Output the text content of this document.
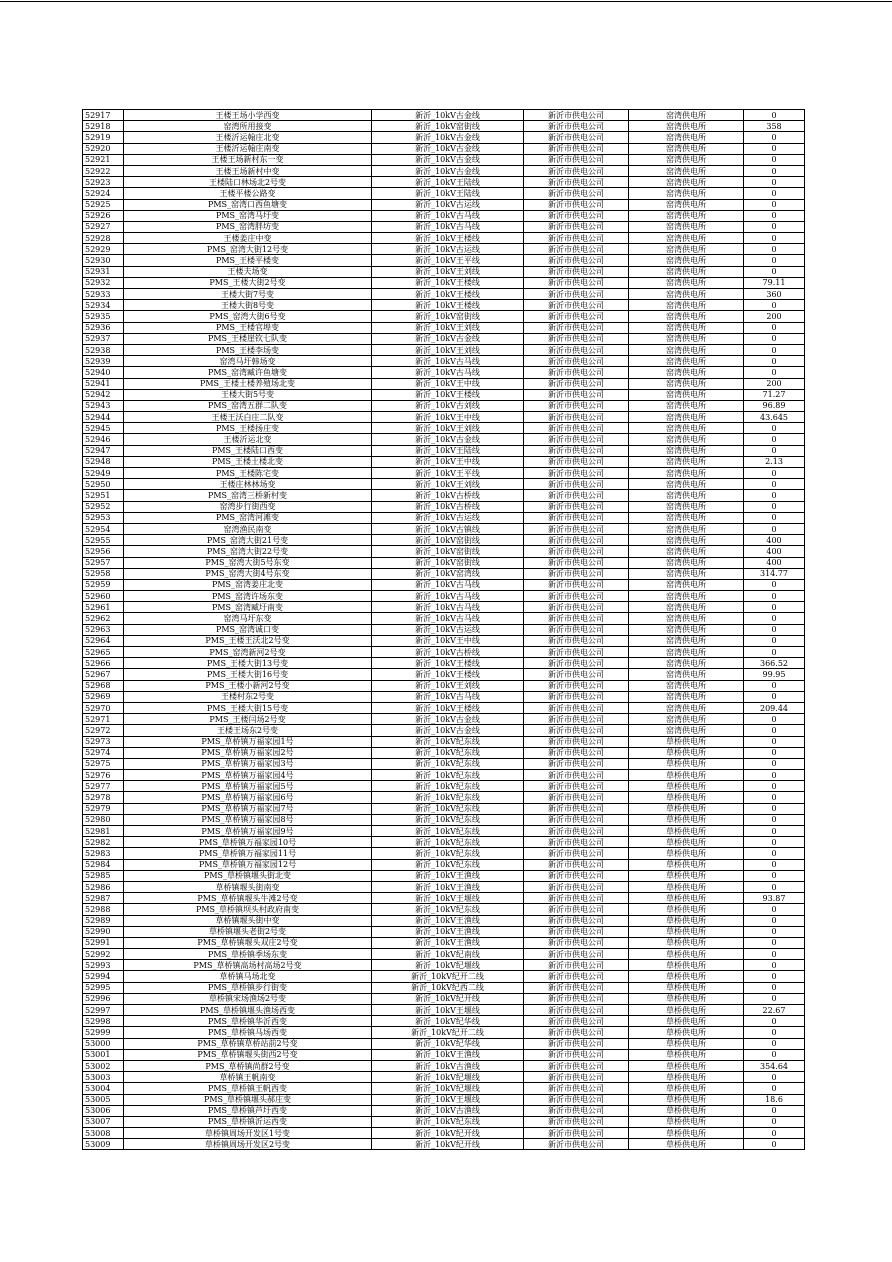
52917	王楼王场小学西变	新沂_10kV古金线	新沂市供电公司	窑湾供电所	0
52918	窑湾所用接变	新沂_10kV窑街线	新沂市供电公司	窑湾供电所	358
52919	王楼沂运翰庄北变	新沂_10kV古金线	新沂市供电公司	窑湾供电所	0
52920	王楼沂运翰庄南变	新沂_10kV古金线	新沂市供电公司	窑湾供电所	0
52921	王楼王场新村东一变	新沂_10kV古金线	新沂市供电公司	窑湾供电所	0
52922	王楼王场新村中变	新沂_10kV古金线	新沂市供电公司	窑湾供电所	0
52923	王楼陆口林场北2号变	新沂_10kV王陆线	新沂市供电公司	窑湾供电所	0
52924	王楼平楼公路变	新沂_10kV王陆线	新沂市供电公司	窑湾供电所	0
52925	PMS_窑湾口西鱼塘变	新沂_10kV古运线	新沂市供电公司	窑湾供电所	0
52926	PMS_窑湾马圩变	新沂_10kV古马线	新沂市供电公司	窑湾供电所	0
52927	PMS_窑湾胖坊变	新沂_10kV古马线	新沂市供电公司	窑湾供电所	0
52928	王楼姜庄中变	新沂_10kV王楼线	新沂市供电公司	窑湾供电所	0
52929	PMS_窑湾大街12号变	新沂_10kV古运线	新沂市供电公司	窑湾供电所	0
52930	PMS_王楼平楼变	新沂_10kV王平线	新沂市供电公司	窑湾供电所	0
52931	王楼夫场变	新沂_10kV王刘线	新沂市供电公司	窑湾供电所	0
52932	PMS_王楼大街2号变	新沂_10kV王楼线	新沂市供电公司	窑湾供电所	79.11
52933	王楼大街7号变	新沂_10kV王楼线	新沂市供电公司	窑湾供电所	360
52934	王楼大街8号变	新沂_10kV王楼线	新沂市供电公司	窑湾供电所	0
52935	PMS_窑湾大街6号变	新沂_10kV窑街线	新沂市供电公司	窑湾供电所	200
52936	PMS_王楼官埠变	新沂_10kV王刘线	新沂市供电公司	窑湾供电所	0
52937	PMS_王楼崖钦七队变	新沂_10kV古金线	新沂市供电公司	窑湾供电所	0
52938	PMS_王楼李场变	新沂_10kV王刘线	新沂市供电公司	窑湾供电所	0
52939	窑湾马圩韩场变	新沂_10kV古马线	新沂市供电公司	窑湾供电所	0
52940	PMS_窑湾臧许鱼塘变	新沂_10kV古马线	新沂市供电公司	窑湾供电所	0
52941	PMS_王楼土楼养殖场北变	新沂_10kV王中线	新沂市供电公司	窑湾供电所	200
52942	王楼大街5号变	新沂_10kV王楼线	新沂市供电公司	窑湾供电所	71.27
52943	PMS_窑湾五群二队变	新沂_10kV古刘线	新沂市供电公司	窑湾供电所	96.89
52944	王楼王沃白庄二队变	新沂_10kV王中线	新沂市供电公司	窑湾供电所	43.645
52945	PMS_王楼扬庄变	新沂_10kV王刘线	新沂市供电公司	窑湾供电所	0
52946	王楼沂运北变	新沂_10kV古金线	新沂市供电公司	窑湾供电所	0
52947	PMS_王楼陆口西变	新沂_10kV王陆线	新沂市供电公司	窑湾供电所	0
52948	PMS_王楼土楼北变	新沂_10kV王中线	新沂市供电公司	窑湾供电所	2.13
52949	PMS_王楼陈宅变	新沂_10kV王平线	新沂市供电公司	窑湾供电所	0
52950	王楼庄林林场变	新沂_10kV王刘线	新沂市供电公司	窑湾供电所	0
52951	PMS_窑湾三桥新村变	新沂_10kV古桥线	新沂市供电公司	窑湾供电所	0
52952	窑湾步行街西变	新沂_10kV古桥线	新沂市供电公司	窑湾供电所	0
52953	PMS_窑湾河滩变	新沂_10kV古运线	新沂市供电公司	窑湾供电所	0
52954	窑湾渔民南变	新沂_10kV古镇线	新沂市供电公司	窑湾供电所	0
52955	PMS_窑湾大街21号变	新沂_10kV窑街线	新沂市供电公司	窑湾供电所	400
52956	PMS_窑湾大街22号变	新沂_10kV窑街线	新沂市供电公司	窑湾供电所	400
52957	PMS_窑湾大街5号东变	新沂_10kV窑街线	新沂市供电公司	窑湾供电所	400
52958	PMS_窑湾大街4号东变	新沂_10kV窑湾线	新沂市供电公司	窑湾供电所	314.77
52959	PMS_窑湾姜庄北变	新沂_10kV古马线	新沂市供电公司	窑湾供电所	0
52960	PMS_窑湾许场东变	新沂_10kV古马线	新沂市供电公司	窑湾供电所	0
52961	PMS_窑湾臧圩南变	新沂_10kV古马线	新沂市供电公司	窑湾供电所	0
52962	窑湾马圩东变	新沂_10kV古马线	新沂市供电公司	窑湾供电所	0
52963	PMS_窑湾诚口变	新沂_10kV古运线	新沂市供电公司	窑湾供电所	0
52964	PMS_王楼王沃北2号变	新沂_10kV王中线	新沂市供电公司	窑湾供电所	0
52965	PMS_窑湾新河2号变	新沂_10kV古桥线	新沂市供电公司	窑湾供电所	0
52966	PMS_王楼大街13号变	新沂_10kV王楼线	新沂市供电公司	窑湾供电所	366.52
52967	PMS_王楼大街16号变	新沂_10kV王楼线	新沂市供电公司	窑湾供电所	99.95
52968	PMS_王楼小新河2号变	新沂_10kV王刘线	新沂市供电公司	窑湾供电所	0
52969	王楼村东2号变	新沂_10kV古马线	新沂市供电公司	窑湾供电所	0
52970	PMS_王楼大街15号变	新沂_10kV王楼线	新沂市供电公司	窑湾供电所	209.44
52971	PMS_王楼闫场2号变	新沂_10kV古金线	新沂市供电公司	窑湾供电所	0
52972	王楼王场东2号变	新沂_10kV古金线	新沂市供电公司	窑湾供电所	0
52973	PMS_草桥镇万福家园1号	新沂_10kV纪东线	新沂市供电公司	草桥供电所	0
52974	PMS_草桥镇万福家园2号	新沂_10kV纪东线	新沂市供电公司	草桥供电所	0
52975	PMS_草桥镇万福家园3号	新沂_10kV纪东线	新沂市供电公司	草桥供电所	0
52976	PMS_草桥镇万福家园4号	新沂_10kV纪东线	新沂市供电公司	草桥供电所	0
52977	PMS_草桥镇万福家园5号	新沂_10kV纪东线	新沂市供电公司	草桥供电所	0
52978	PMS_草桥镇万福家园6号	新沂_10kV纪东线	新沂市供电公司	草桥供电所	0
52979	PMS_草桥镇万福家园7号	新沂_10kV纪东线	新沂市供电公司	草桥供电所	0
52980	PMS_草桥镇万福家园8号	新沂_10kV纪东线	新沂市供电公司	草桥供电所	0
52981	PMS_草桥镇万福家园9号	新沂_10kV纪东线	新沂市供电公司	草桥供电所	0
52982	PMS_草桥镇万福家园10号	新沂_10kV纪东线	新沂市供电公司	草桥供电所	0
52983	PMS_草桥镇万福家园11号	新沂_10kV纪东线	新沂市供电公司	草桥供电所	0
52984	PMS_草桥镇万福家园12号	新沂_10kV纪东线	新沂市供电公司	草桥供电所	0
52985	PMS_草桥镇堰头街北变	新沂_10kV王渔线	新沂市供电公司	草桥供电所	0
52986	草桥镇堰头街南变	新沂_10kV王渔线	新沂市供电公司	草桥供电所	0
52987	PMS_草桥镇堰头牛滩2号变	新沂_10kV王堰线	新沂市供电公司	草桥供电所	93.87
52988	PMS_草桥镇坝头村政府南变	新沂_10kV纪东线	新沂市供电公司	草桥供电所	0
52989	草桥镇堰头街中变	新沂_10kV王渔线	新沂市供电公司	草桥供电所	0
52990	草桥镇堰头老街2号变	新沂_10kV王渔线	新沂市供电公司	草桥供电所	0
52991	PMS_草桥镇堰头双庄2号变	新沂_10kV王渔线	新沂市供电公司	草桥供电所	0
52992	PMS_草桥镇季场东变	新沂_10kV纪南线	新沂市供电公司	草桥供电所	0
52993	PMS_草桥镇高场村高场2号变	新沂_10kV纪堰线	新沂市供电公司	草桥供电所	0
52994	草桥镇马场北变	新沂_10kV纪开二线	新沂市供电公司	草桥供电所	0
52995	PMS_草桥镇步行街变	新沂_10kV纪西二线	新沂市供电公司	草桥供电所	0
52996	草桥镇宋场渔场2号变	新沂_10kV纪开线	新沂市供电公司	草桥供电所	0
52997	PMS_草桥镇堰头渔场西变	新沂_10kV王堰线	新沂市供电公司	草桥供电所	22.67
52998	PMS_草桥镇华沂西变	新沂_10kV纪华线	新沂市供电公司	草桥供电所	0
52999	PMS_草桥镇马场西变	新沂_10kV纪开二线	新沂市供电公司	草桥供电所	0
53000	PMS_草桥镇草桥站前2号变	新沂_10kV纪华线	新沂市供电公司	草桥供电所	0
53001	PMS_草桥镇堰头街西2号变	新沂_10kV王渔线	新沂市供电公司	草桥供电所	0
53002	PMS_草桥镇尚群2号变	新沂_10kV古渔线	新沂市供电公司	草桥供电所	354.64
53003	草桥镇王帆南变	新沂_10kV纪堰线	新沂市供电公司	草桥供电所	0
53004	PMS_草桥镇王帆西变	新沂_10kV纪堰线	新沂市供电公司	草桥供电所	0
53005	PMS_草桥镇堰头郝庄变	新沂_10kV王堰线	新沂市供电公司	草桥供电所	18.6
53006	PMS_草桥镇芦圩西变	新沂_10kV古渔线	新沂市供电公司	草桥供电所	0
53007	PMS_草桥镇沂运西变	新沂_10kV纪东线	新沂市供电公司	草桥供电所	0
53008	草桥镇周场开发区1号变	新沂_10kV纪开线	新沂市供电公司	草桥供电所	0
53009	草桥镇周场开发区2号变	新沂_10kV纪开线	新沂市供电公司	草桥供电所	0
